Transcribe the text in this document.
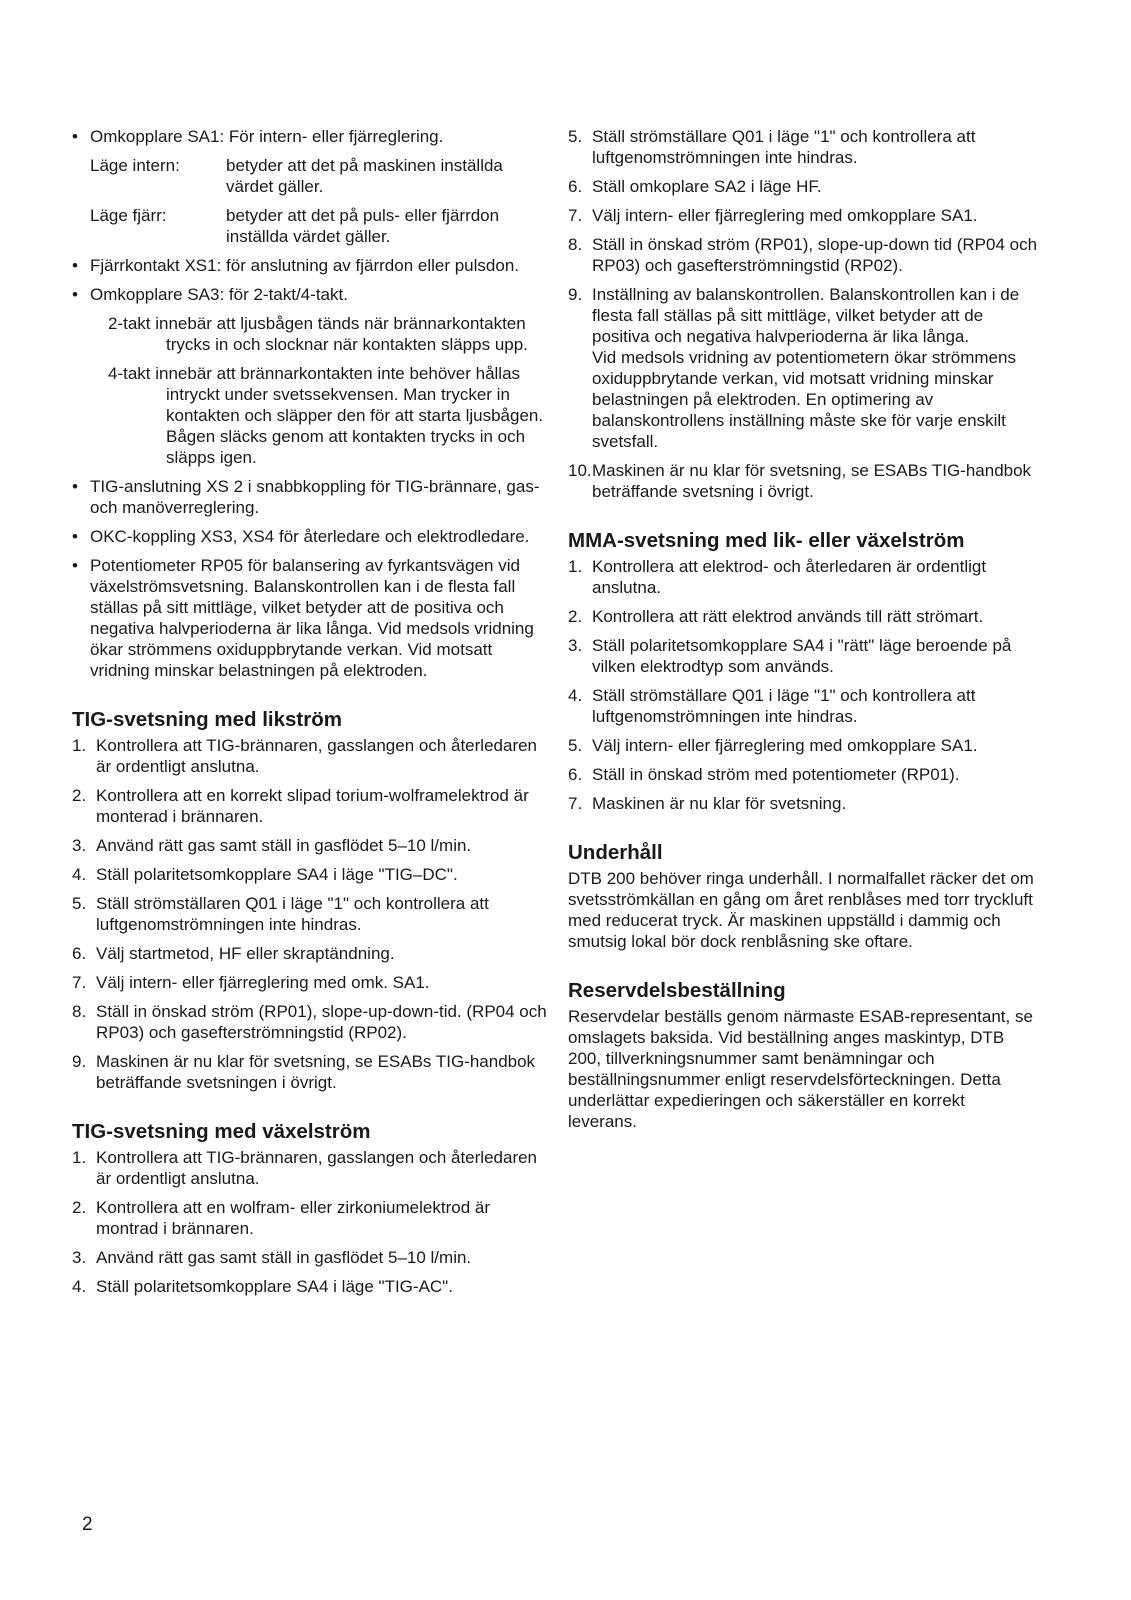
• Omkopplare SA1: För intern- eller fjärreglering.
Läge intern:	betyder att det på maskinen inställda värdet gäller.
Läge fjärr:	betyder att det på puls- eller fjärrdon inställda värdet gäller.
• Fjärrkontakt XS1: för anslutning av fjärrdon eller pulsdon.
• Omkopplare SA3: för 2-takt/4-takt.
2-takt innebär att ljusbågen tänds när brännarkontakten trycks in och slocknar när kontakten släpps upp.
4-takt innebär att brännarkontakten inte behöver hållas intryckt under svetssekvensen. Man trycker in kontakten och släpper den för att starta ljusbågen. Bågen släcks genom att kontakten trycks in och släpps igen.
• TIG-anslutning XS 2 i snabbkoppling för TIG-brännare, gas- och manöverreglering.
• OKC-koppling XS3, XS4 för återledare och elektrodledare.
• Potentiometer RP05 för balansering av fyrkantsvägen vid växelströmsvetsning. Balanskontrollen kan i de flesta fall ställas på sitt mittläge, vilket betyder att de positiva och negativa halvperioderna är lika långa. Vid medsols vridning ökar strömmens oxiduppbrytande verkan. Vid motsatt vridning minskar belastningen på elektroden.
TIG-svetsning med likström
1. Kontrollera att TIG-brännaren, gasslangen och återledaren är ordentligt anslutna.
2. Kontrollera att en korrekt slipad torium-wolframelektrod är monterad i brännaren.
3. Använd rätt gas samt ställ in gasflödet 5–10 l/min.
4. Ställ polaritetsomkopplare SA4 i läge "TIG–DC".
5. Ställ strömställaren Q01 i läge "1" och kontrollera att luftgenomströmningen inte hindras.
6. Välj startmetod, HF eller skraptändning.
7. Välj intern- eller fjärreglering med omk. SA1.
8. Ställ in önskad ström (RP01), slope-up-down-tid. (RP04 och RP03) och gasefterströmningstid (RP02).
9. Maskinen är nu klar för svetsning, se ESABs TIG-handbok beträffande svetsningen i övrigt.
TIG-svetsning med växelström
1. Kontrollera att TIG-brännaren, gasslangen och återledaren är ordentligt anslutna.
2. Kontrollera att en wolfram- eller zirkoniumelektrod är montrad i brännaren.
3. Använd rätt gas samt ställ in gasflödet 5–10 l/min.
4. Ställ polaritetsomkopplare SA4 i läge "TIG-AC".
5. Ställ strömställare Q01 i läge "1" och kontrollera att luftgenomströmningen inte hindras.
6. Ställ omkoplare SA2 i läge HF.
7. Välj intern- eller fjärreglering med omkopplare SA1.
8. Ställ in önskad ström (RP01), slope-up-down tid (RP04 och RP03) och gasefterströmningstid (RP02).
9. Inställning av balanskontrollen. Balanskontrollen kan i de flesta fall ställas på sitt mittläge, vilket betyder att de positiva och negativa halvperioderna är lika långa.
Vid medsols vridning av potentiometern ökar strömmens oxiduppbrytande verkan, vid motsatt vridning minskar belastningen på elektroden. En optimering av balanskontrollens inställning måste ske för varje enskilt svetsfall.
10. Maskinen är nu klar för svetsning, se ESABs TIG-handbok beträffande svetsning i övrigt.
MMA-svetsning med lik- eller växelström
1. Kontrollera att elektrod- och återledaren är ordentligt anslutna.
2. Kontrollera att rätt elektrod används till rätt strömart.
3. Ställ polaritetsomkopplare SA4 i "rätt" läge beroende på vilken elektrodtyp som används.
4. Ställ strömställare Q01 i läge "1" och kontrollera att luftgenomströmningen inte hindras.
5. Välj intern- eller fjärreglering med omkopplare SA1.
6. Ställ in önskad ström med potentiometer (RP01).
7. Maskinen är nu klar för svetsning.
Underhåll

DTB 200 behöver ringa underhåll. I normalfallet räcker det om svetsströmkällan en gång om året renblåses med torr tryckluft med reducerat tryck. Är maskinen uppställd i dammig och smutsig lokal bör dock renblåsning ske oftare.

Reservdelsbeställning

Reservdelar beställs genom närmaste ESAB-representant, se omslagets baksida. Vid beställning anges maskintyp, DTB 200, tillverkningsnummer samt benämningar och beställningsnummer enligt reservdelsförteckningen. Detta underlättar expedieringen och säkerställer en korrekt leverans.

2
